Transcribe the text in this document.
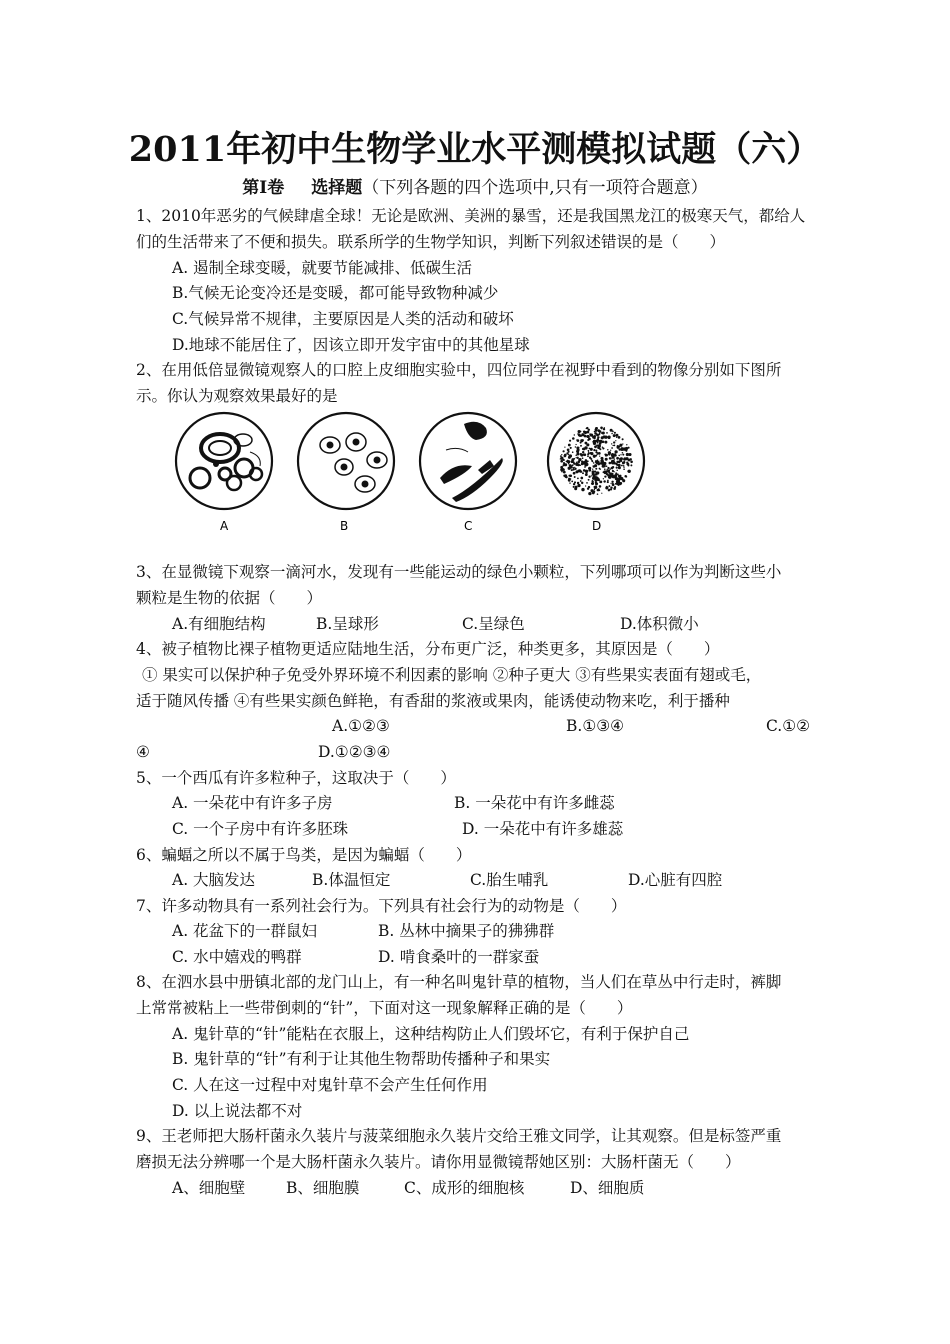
2011年初中生物学业水平测模拟试题（六）
第Ⅰ卷 选择题（下列各题的四个选项中,只有一项符合题意）
1、2010年恶劣的气候肆虐全球！无论是欧洲、美洲的暴雪，还是我国黑龙江的极寒天气，都给人
们的生活带来了不便和损失。联系所学的生物学知识，判断下列叙述错误的是（　　）
A. 遏制全球变暖，就要节能减排、低碳生活
B.气候无论变冷还是变暖，都可能导致物种减少
C.气候异常不规律，主要原因是人类的活动和破坏
D.地球不能居住了，因该立即开发宇宙中的其他星球
2、在用低倍显微镜观察人的口腔上皮细胞实验中，四位同学在视野中看到的物像分别如下图所
示。你认为观察效果最好的是
A	B	C	D
3、在显微镜下观察一滴河水，发现有一些能运动的绿色小颗粒，下列哪项可以作为判断这些小
颗粒是生物的依据（　　）
A.有细胞结构	B.呈球形	C.呈绿色	D.体积微小
4、被子植物比裸子植物更适应陆地生活，分布更广泛，种类更多，其原因是（　　）
① 果实可以保护种子免受外界环境不利因素的影响 ②种子更大 ③有些果实表面有翅或毛，
适于随风传播 ④有些果实颜色鲜艳，有香甜的浆液或果肉，能诱使动物来吃，利于播种
A.①②③	B.①③④	C.①②
④	D.①②③④
5、一个西瓜有许多粒种子，这取决于（　　）
A. 一朵花中有许多子房	B. 一朵花中有许多雌蕊
C. 一个子房中有许多胚珠	D. 一朵花中有许多雄蕊
6、蝙蝠之所以不属于鸟类，是因为蝙蝠（　　）
A. 大脑发达	B.体温恒定	C.胎生哺乳	D.心脏有四腔
7、许多动物具有一系列社会行为。下列具有社会行为的动物是（　　）
A. 花盆下的一群鼠妇	B. 丛林中摘果子的狒狒群
C. 水中嬉戏的鸭群	D. 啃食桑叶的一群家蚕
8、在泗水县中册镇北部的龙门山上，有一种名叫鬼针草的植物，当人们在草丛中行走时，裤脚
上常常被粘上一些带倒刺的“针”，下面对这一现象解释正确的是（　　）
A. 鬼针草的“针”能粘在衣服上，这种结构防止人们毁坏它，有利于保护自己
B. 鬼针草的“针”有利于让其他生物帮助传播种子和果实
C. 人在这一过程中对鬼针草不会产生任何作用
D. 以上说法都不对
9、王老师把大肠杆菌永久装片与菠菜细胞永久装片交给王雅文同学，让其观察。但是标签严重
磨损无法分辨哪一个是大肠杆菌永久装片。请你用显微镜帮她区别：大肠杆菌无（　　）
A、细胞壁	B、细胞膜	C、成形的细胞核	D、细胞质
